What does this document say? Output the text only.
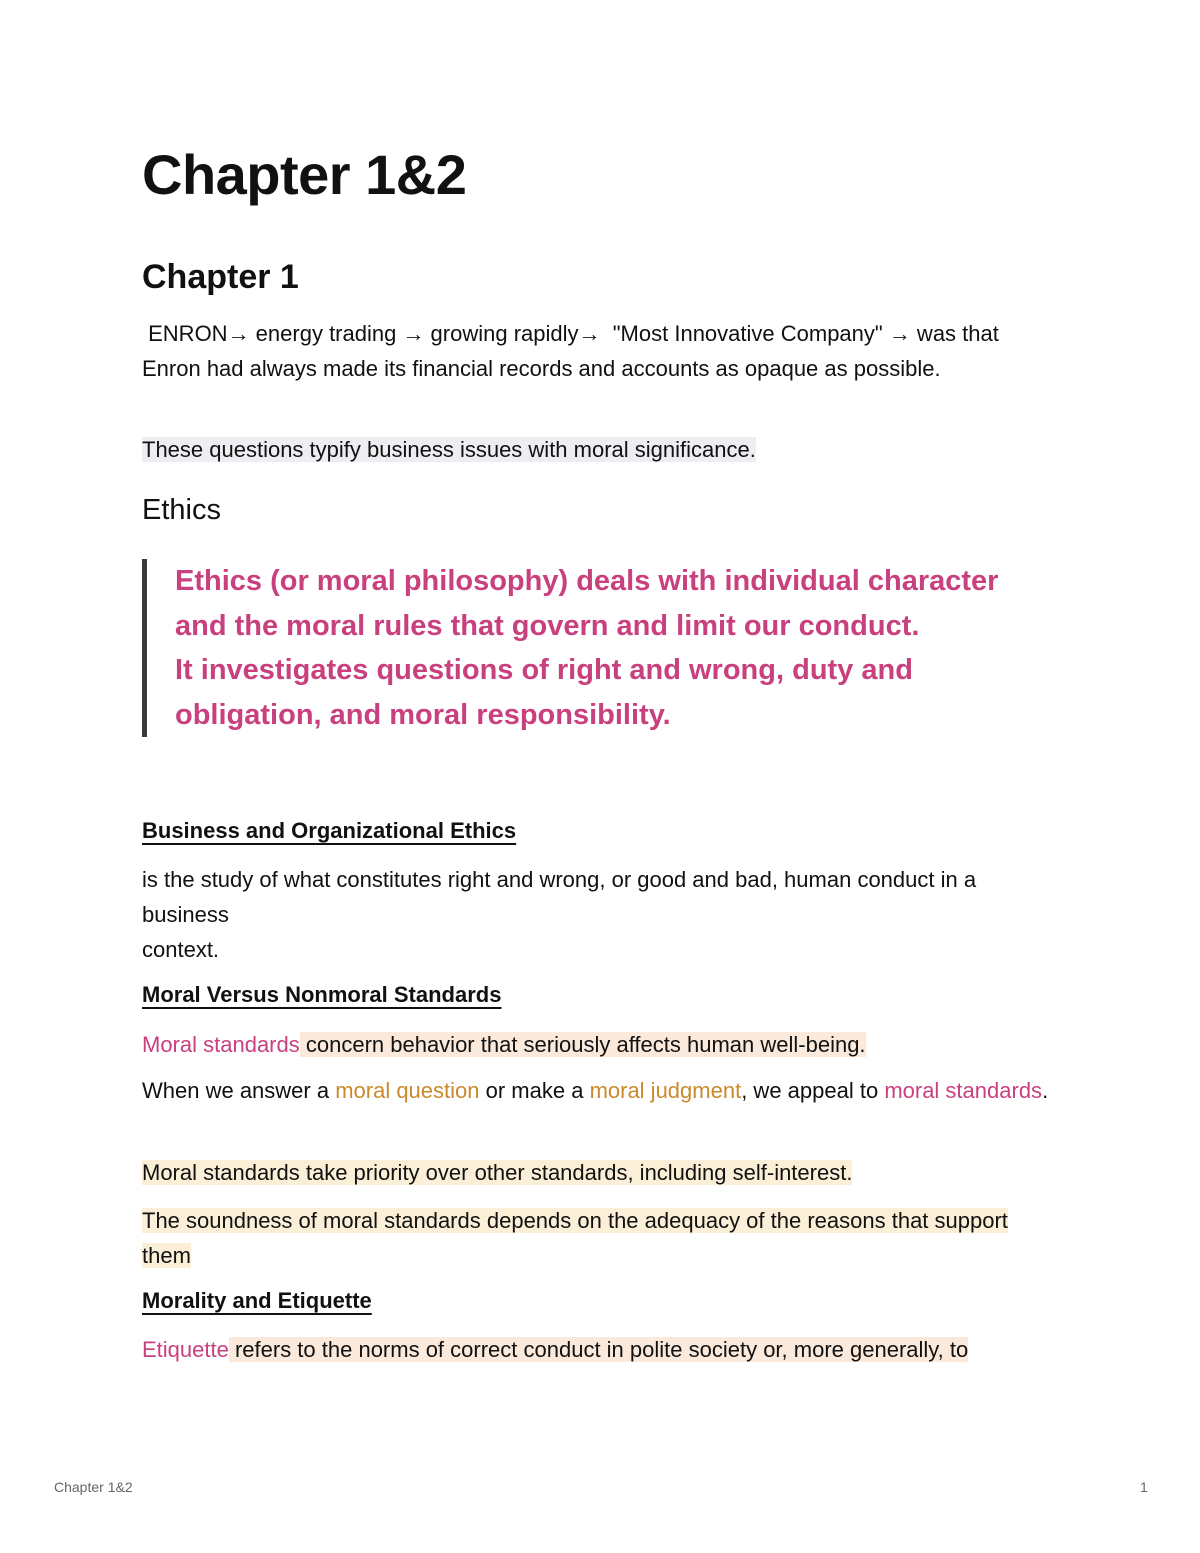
Chapter 1&2
Chapter 1

ENRON→ energy trading → growing rapidly→  "Most Innovative Company" → was that Enron had always made its financial records and accounts as opaque as possible.

These questions typify business issues with moral significance.

Ethics

Ethics (or moral philosophy) deals with individual character and the moral rules that govern and limit our conduct.

It investigates questions of right and wrong, duty and obligation, and moral responsibility.

Business and Organizational Ethics

is the study of what constitutes right and wrong, or good and bad, human conduct in a business
context.

Moral Versus Nonmoral Standards

Moral standards concern behavior that seriously affects human well-being.

When we answer a moral question or make a moral judgment, we appeal to moral standards.

Moral standards take priority over other standards, including self-interest.

The soundness of moral standards depends on the adequacy of the reasons that support them

Morality and Etiquette

Etiquette refers to the norms of correct conduct in polite society or, more generally, to

Chapter 1&2	1
